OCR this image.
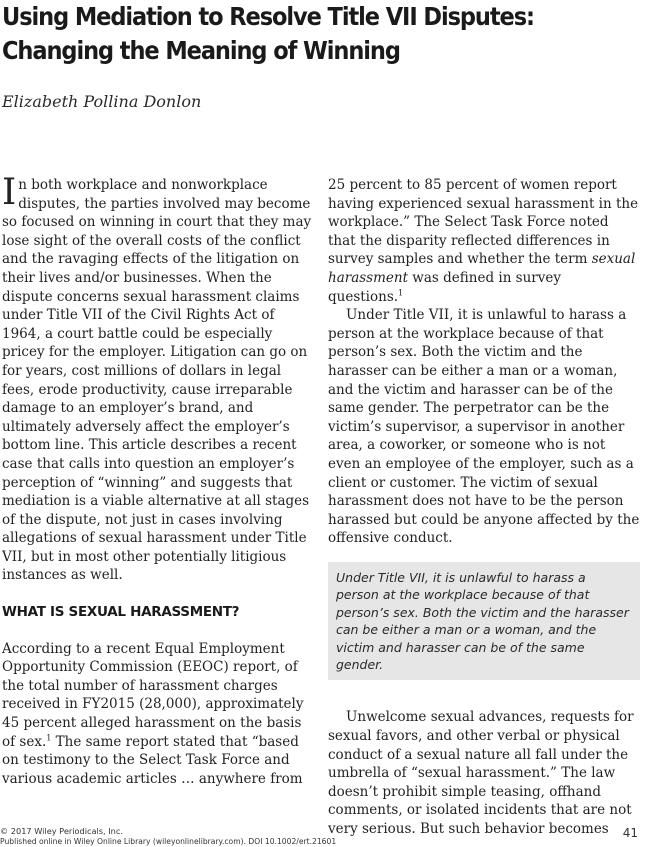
Using Mediation to Resolve Title VII Disputes: Changing the Meaning of Winning
Elizabeth Pollina Donlon

In both workplace and nonworkplace disputes, the parties involved may become so focused on winning in court that they may lose sight of the overall costs of the conflict and the ravaging effects of the litigation on their lives and/or businesses. When the dispute concerns sexual harassment claims under Title VII of the Civil Rights Act of 1964, a court battle could be especially pricey for the employer. Litigation can go on for years, cost millions of dollars in legal fees, erode productivity, cause irreparable damage to an employer’s brand, and ultimately adversely affect the employer’s bottom line. This article describes a recent case that calls into question an employer’s perception of “winning” and suggests that mediation is a viable alternative at all stages of the dispute, not just in cases involving allegations of sexual harassment under Title VII, but in most other potentially litigious instances as well.

WHAT IS SEXUAL HARASSMENT?

According to a recent Equal Employment Opportunity Commission (EEOC) report, of the total number of harassment charges received in FY2015 (28,000), approximately 45 percent alleged harassment on the basis of sex.$^1$ The same report stated that “based on testimony to the Select Task Force and various academic articles … anywhere from

25 percent to 85 percent of women report having experienced sexual harassment in the workplace.” The Select Task Force noted that the disparity reflected differences in survey samples and whether the term sexual harassment was defined in survey questions.$^1$

Under Title VII, it is unlawful to harass a person at the workplace because of that person’s sex. Both the victim and the harasser can be either a man or a woman, and the victim and harasser can be of the same gender. The perpetrator can be the victim’s supervisor, a supervisor in another area, a coworker, or someone who is not even an employee of the employer, such as a client or customer. The victim of sexual harassment does not have to be the person harassed but could be anyone affected by the offensive conduct.

Under Title VII, it is unlawful to harass a person at the workplace because of that person’s sex. Both the victim and the harasser can be either a man or a woman, and the victim and harasser can be of the same gender.

Unwelcome sexual advances, requests for sexual favors, and other verbal or physical conduct of a sexual nature all fall under the umbrella of “sexual harassment.” The law doesn’t prohibit simple teasing, offhand comments, or isolated incidents that are not very serious. But such behavior becomes

© 2017 Wiley Periodicals, Inc.
Published online in Wiley Online Library (wileyonlinelibrary.com). DOI 10.1002/ert.21601
41
